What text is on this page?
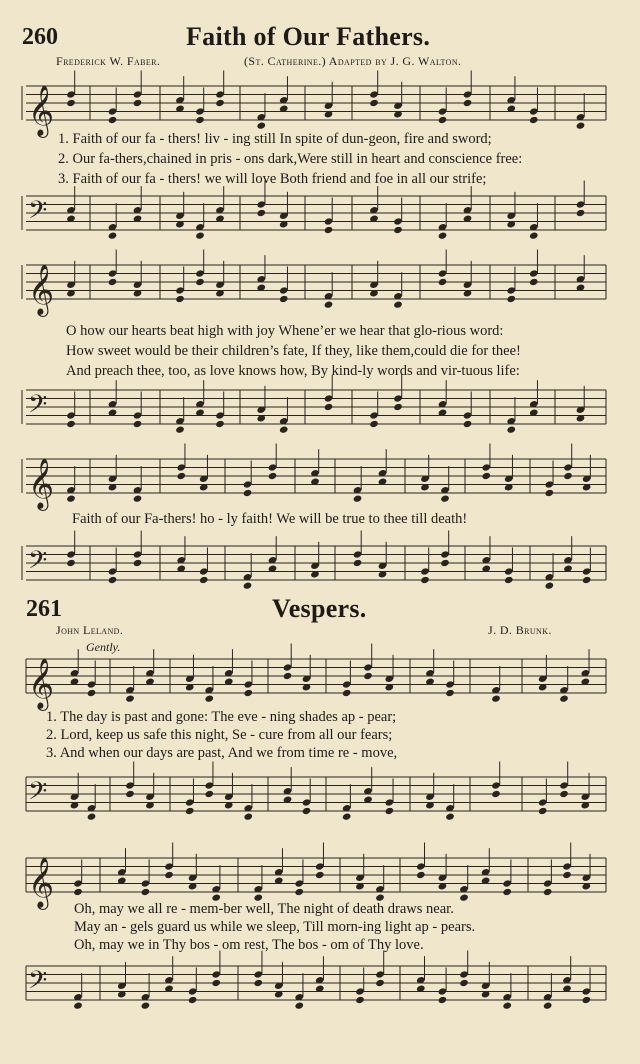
260	Faith of Our Fathers.
Frederick W. Faber.	(St. Catherine.) Adapted by J. G. Walton.
𝄞
1. Faith of our fa - thers! liv - ing still In spite of dun-geon, fire and sword;
2. Our fa-thers,chained in pris - ons dark,Were still in heart and conscience free:
3. Faith of our fa - thers! we will love Both friend and foe in all our strife;
𝄢
𝄞
O how our hearts beat high with joy Whene’er we hear that glo-rious word:
How sweet would be their children’s fate, If they, like them,could die for thee!
And preach thee, too, as love knows how, By kind-ly words and vir-tuous life:
𝄢
𝄞
Faith of our Fa-thers! ho - ly faith! We will be true to thee till death!
𝄢
261	Vespers.
John Leland.	J. D. Brunk.
Gently.
𝄞
1. The day is past and gone: The eve - ning shades ap - pear;
2. Lord, keep us safe this night, Se - cure from all our fears;
3. And when our days are past, And we from time re - move,
𝄢
𝄞
Oh, may we all re - mem-ber well, The night of death draws near.
May an - gels guard us while we sleep, Till morn-ing light ap - pears.
Oh, may we in Thy bos - om rest, The bos - om of Thy love.
𝄢
